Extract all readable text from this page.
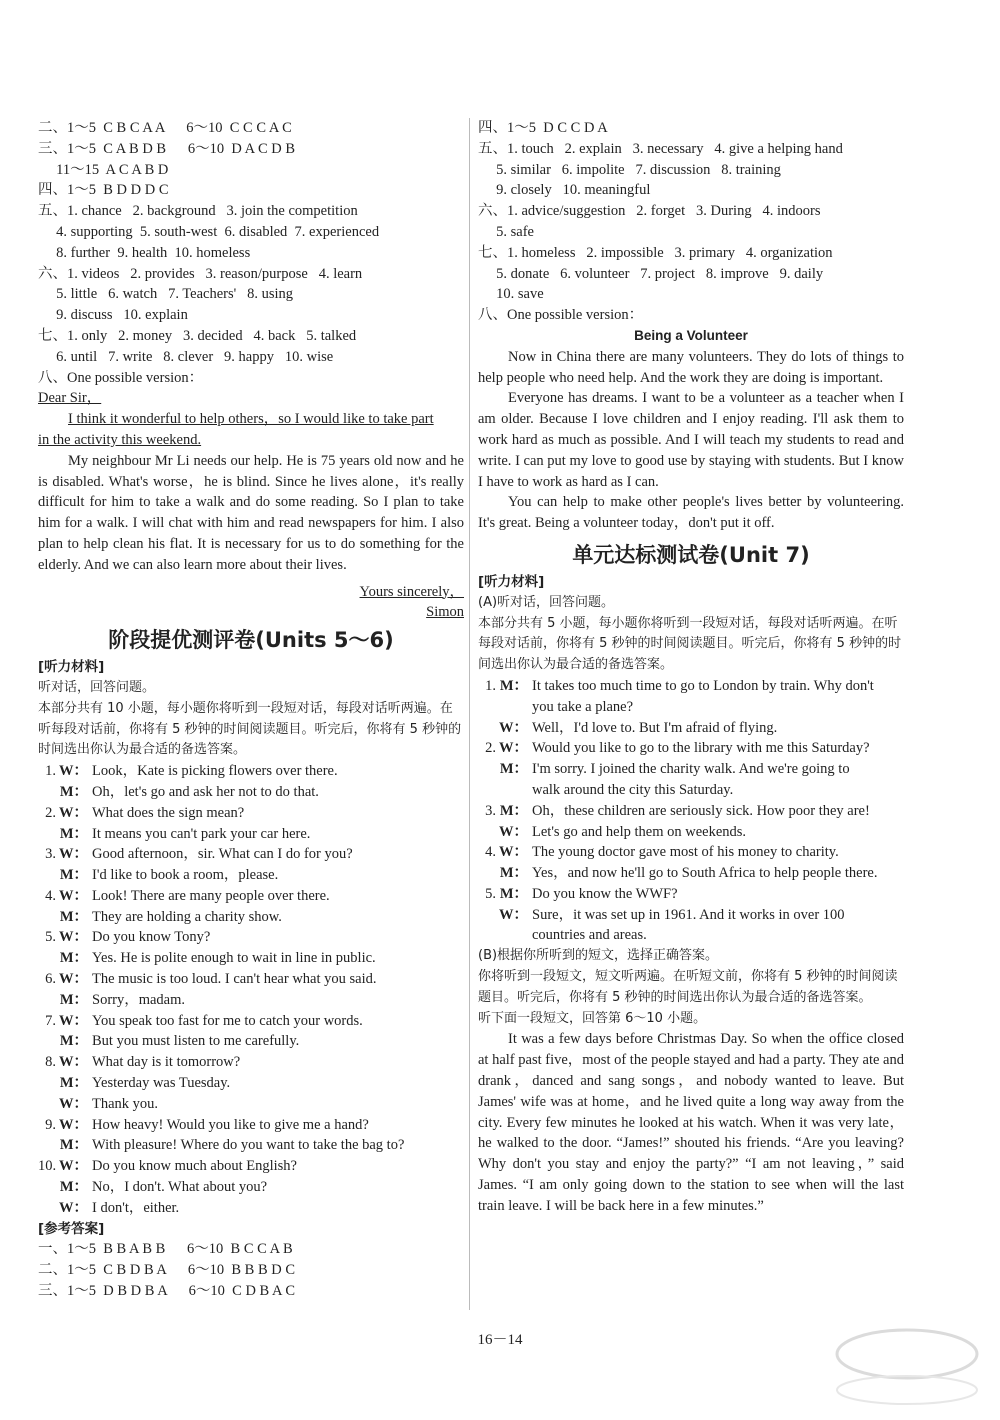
二、1～5  C B C A A      6～10  C C C A C
三、1～5  C A B D B      6～10  D A C D B
11～15  A C A B D
四、1～5  B D D D C
五、1. chance   2. background   3. join the competition
4. supporting  5. south-west  6. disabled  7. experienced
8. further  9. health  10. homeless
六、1. videos   2. provides   3. reason/purpose   4. learn
5. little   6. watch   7. Teachers'   8. using
9. discuss   10. explain
七、1. only   2. money   3. decided   4. back   5. talked
6. until   7. write   8. clever   9. happy   10. wise
八、One possible version：
Dear Sir，
I think it wonderful to help others，so I would like to take part
in the activity this weekend.
My neighbour Mr Li needs our help. He is 75 years old now and he is disabled. What's worse，he is blind. Since he lives alone，it's really difficult for him to take a walk and do some reading. So I plan to take him for a walk. I will chat with him and read newspapers for him. I also plan to help clean his flat. It is necessary for us to do something for the elderly. And we can also learn more about their lives.
Yours sincerely，
Simon
阶段提优测评卷(Units 5～6)
[听力材料]
听对话，回答问题。
本部分共有 10 小题，每小题你将听到一段短对话，每段对话听两遍。在听每段对话前，你将有 5 秒钟的时间阅读题目。听完后，你将有 5 秒钟的时间选出你认为最合适的备选答案。
1. W： Look，Kate is picking flowers over there.
M： Oh，let's go and ask her not to do that.
2. W： What does the sign mean?
M： It means you can't park your car here.
3. W： Good afternoon，sir. What can I do for you?
M： I'd like to book a room，please.
4. W： Look! There are many people over there.
M： They are holding a charity show.
5. W： Do you know Tony?
M： Yes. He is polite enough to wait in line in public.
6. W： The music is too loud. I can't hear what you said.
M： Sorry，madam.
7. W： You speak too fast for me to catch your words.
M： But you must listen to me carefully.
8. W： What day is it tomorrow?
M： Yesterday was Tuesday.
W： Thank you.
9. W： How heavy! Would you like to give me a hand?
M： With pleasure! Where do you want to take the bag to?
10. W： Do you know much about English?
M： No，I don't. What about you?
W： I don't，either.
[参考答案]
一、1～5  B B A B B      6～10  B C C A B
二、1～5  C B D B A      6～10  B B B D C
三、1～5  D B D B A      6～10  C D B A C
四、1～5  D C C D A
五、1. touch   2. explain   3. necessary   4. give a helping hand
5. similar   6. impolite   7. discussion   8. training
9. closely   10. meaningful
六、1. advice/suggestion   2. forget   3. During   4. indoors
5. safe
七、1. homeless   2. impossible   3. primary   4. organization
5. donate   6. volunteer   7. project   8. improve   9. daily
10. save
八、One possible version：
Being a Volunteer
Now in China there are many volunteers. They do lots of things to help people who need help. And the work they are doing is important.
Everyone has dreams. I want to be a volunteer as a teacher when I am older. Because I love children and I enjoy reading. I'll ask them to work hard as much as possible. And I will teach my students to read and write. I can put my love to good use by staying with students. But I know I have to work as hard as I can.
You can help to make other people's lives better by volunteering. It's great. Being a volunteer today，don't put it off.
单元达标测试卷(Unit 7)
[听力材料]
(A)听对话，回答问题。
本部分共有 5 小题，每小题你将听到一段短对话，每段对话听两遍。在听每段对话前，你将有 5 秒钟的时间阅读题目。听完后，你将有 5 秒钟的时间选出你认为最合适的备选答案。
1. M： It takes too much time to go to London by train. Why don't
you take a plane?
W： Well，I'd love to. But I'm afraid of flying.
2. W： Would you like to go to the library with me this Saturday?
M： I'm sorry. I joined the charity walk. And we're going to
walk around the city this Saturday.
3. M： Oh，these children are seriously sick. How poor they are!
W： Let's go and help them on weekends.
4. W： The young doctor gave most of his money to charity.
M： Yes，and now he'll go to South Africa to help people there.
5. M： Do you know the WWF?
W： Sure，it was set up in 1961. And it works in over 100
countries and areas.
(B)根据你所听到的短文，选择正确答案。
你将听到一段短文，短文听两遍。在听短文前，你将有 5 秒钟的时间阅读题目。听完后，你将有 5 秒钟的时间选出你认为最合适的备选答案。
听下面一段短文，回答第 6～10 小题。
It was a few days before Christmas Day. So when the office closed at half past five，most of the people stayed and had a party. They ate and drank，danced and sang songs，and nobody wanted to leave. But James' wife was at home，and he lived quite a long way away from the city. Every few minutes he looked at his watch. When it was very late，he walked to the door. “James!” shouted his friends. “Are you leaving? Why don't you stay and enjoy the party?” “I am not leaving，” said James. “I am only going down to the station to see when will the last train leave. I will be back here in a few minutes.”
16－14
